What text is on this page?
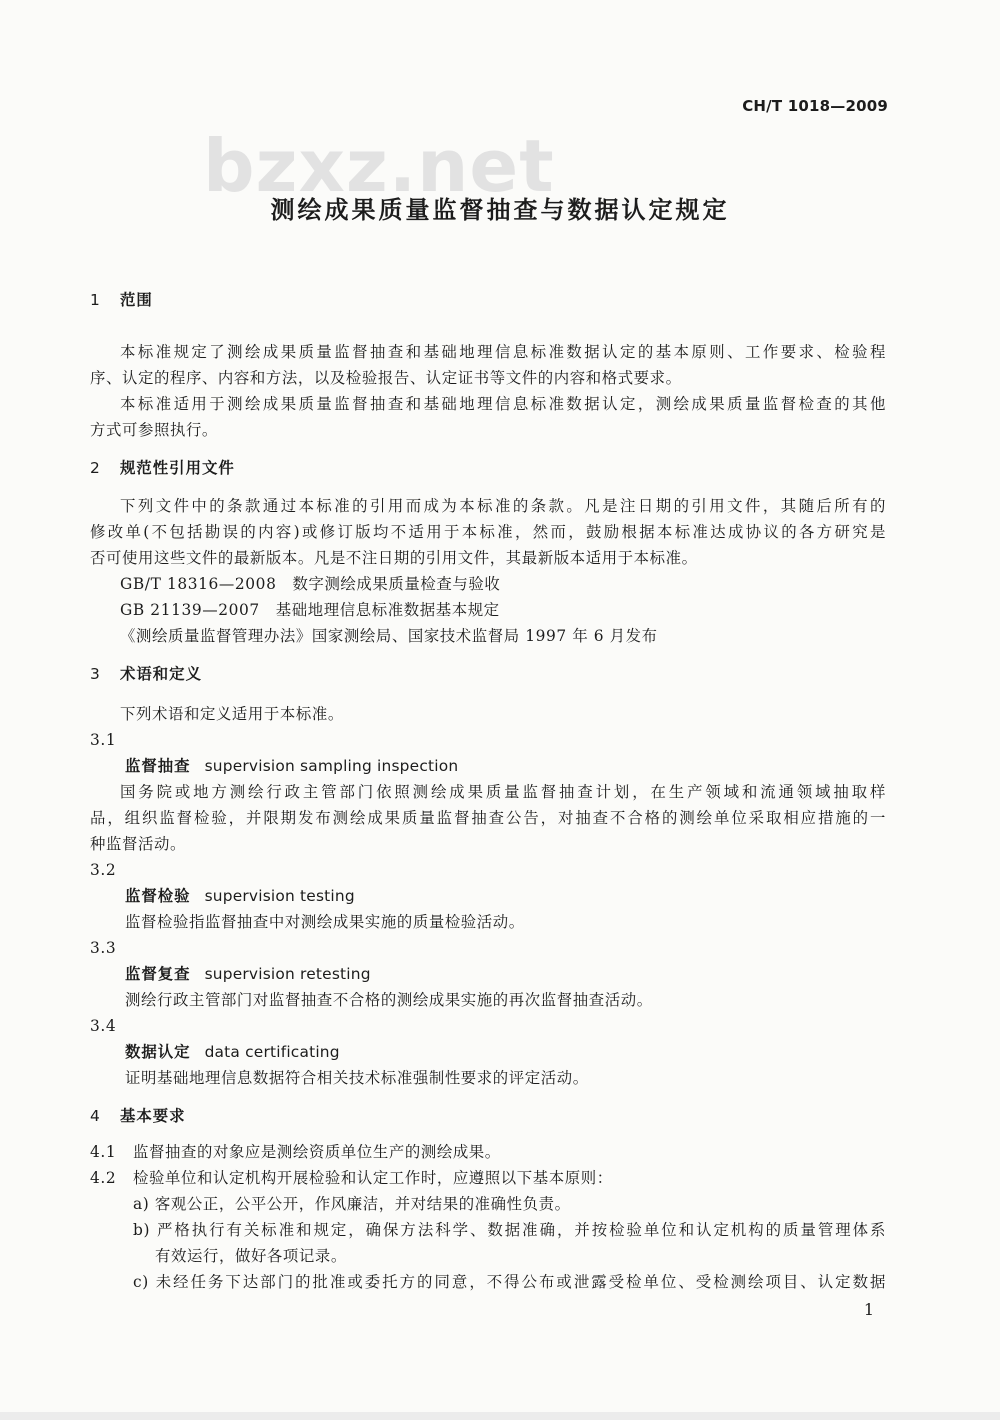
CH/T 1018—2009
bzxz.net
测绘成果质量监督抽查与数据认定规定
1 范围
本标准规定了测绘成果质量监督抽查和基础地理信息标准数据认定的基本原则、工作要求、检验程
序、认定的程序、内容和方法，以及检验报告、认定证书等文件的内容和格式要求。
本标准适用于测绘成果质量监督抽查和基础地理信息标准数据认定，测绘成果质量监督检查的其他
方式可参照执行。
2 规范性引用文件
下列文件中的条款通过本标准的引用而成为本标准的条款。凡是注日期的引用文件，其随后所有的
修改单(不包括勘误的内容)或修订版均不适用于本标准，然而，鼓励根据本标准达成协议的各方研究是
否可使用这些文件的最新版本。凡是不注日期的引用文件，其最新版本适用于本标准。
GB/T 18316—2008　数字测绘成果质量检查与验收
GB 21139—2007　基础地理信息标准数据基本规定
《测绘质量监督管理办法》国家测绘局、国家技术监督局 1997 年 6 月发布
3 术语和定义
下列术语和定义适用于本标准。
3.1
监督抽查 supervision sampling inspection
国务院或地方测绘行政主管部门依照测绘成果质量监督抽查计划，在生产领域和流通领域抽取样
品，组织监督检验，并限期发布测绘成果质量监督抽查公告，对抽查不合格的测绘单位采取相应措施的一
种监督活动。
3.2
监督检验 supervision testing
监督检验指监督抽查中对测绘成果实施的质量检验活动。
3.3
监督复查 supervision retesting
测绘行政主管部门对监督抽查不合格的测绘成果实施的再次监督抽查活动。
3.4
数据认定 data certificating
证明基础地理信息数据符合相关技术标准强制性要求的评定活动。
4 基本要求
4.1 监督抽查的对象应是测绘资质单位生产的测绘成果。
4.2 检验单位和认定机构开展检验和认定工作时，应遵照以下基本原则：
a) 客观公正，公平公开，作风廉洁，并对结果的准确性负责。
b) 严格执行有关标准和规定，确保方法科学、数据准确，并按检验单位和认定机构的质量管理体系
有效运行，做好各项记录。
c) 未经任务下达部门的批准或委托方的同意，不得公布或泄露受检单位、受检测绘项目、认定数据
1
